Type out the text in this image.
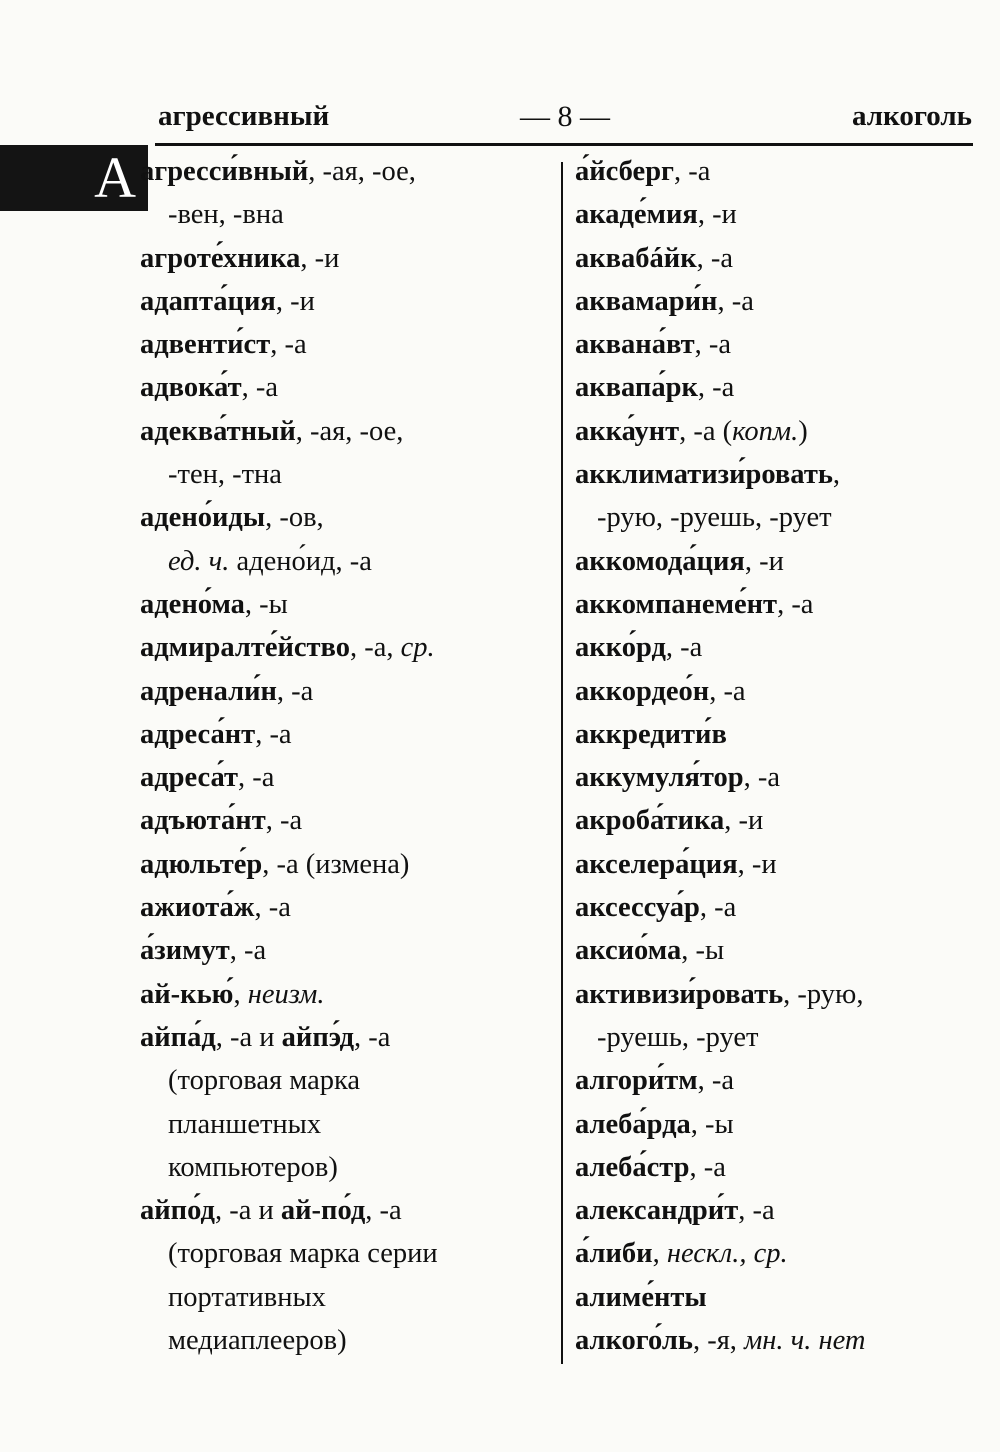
агрессивный	— 8 —	алкоголь
А агресси́вный, -ая, -ое,
-вен, -вна
агроте́хника, -и
адапта́ция, -и
адвенти́ст, -а
адвока́т, -а
адеква́тный, -ая, -ое,
-тен, -тна
адено́иды, -ов,
ед. ч. адено́ид, -а
адено́ма, -ы
адмиралте́йство, -а, ср.
адренали́н, -а
адреса́нт, -а
адреса́т, -а
адъюта́нт, -а
адюльте́р, -а (измена)
ажиота́ж, -а
а́зимут, -а
ай-кью́, неизм.
айпа́д, -а и айпэ́д, -а
(торговая марка
планшетных
компьютеров)
айпо́д, -а и ай-по́д, -а
(торговая марка серии
портативных
медиаплееров)
а́йсберг, -а
акаде́мия, -и
аквабáйк, -а
аквамари́н, -а
аквана́вт, -а
аквапа́рк, -а
акка́унт, -а (копм.)
акклиматизи́ровать,
-рую, -руешь, -рует
аккомода́ция, -и
аккомпанеме́нт, -а
акко́рд, -а
аккордео́н, -а
аккредити́в
аккумуля́тор, -а
акроба́тика, -и
акселера́ция, -и
аксессуа́р, -а
аксио́ма, -ы
активизи́ровать, -рую,
-руешь, -рует
алгори́тм, -а
алеба́рда, -ы
алеба́стр, -а
александри́т, -а
а́либи, нескл., ср.
алиме́нты
алкого́ль, -я, мн. ч. нет
